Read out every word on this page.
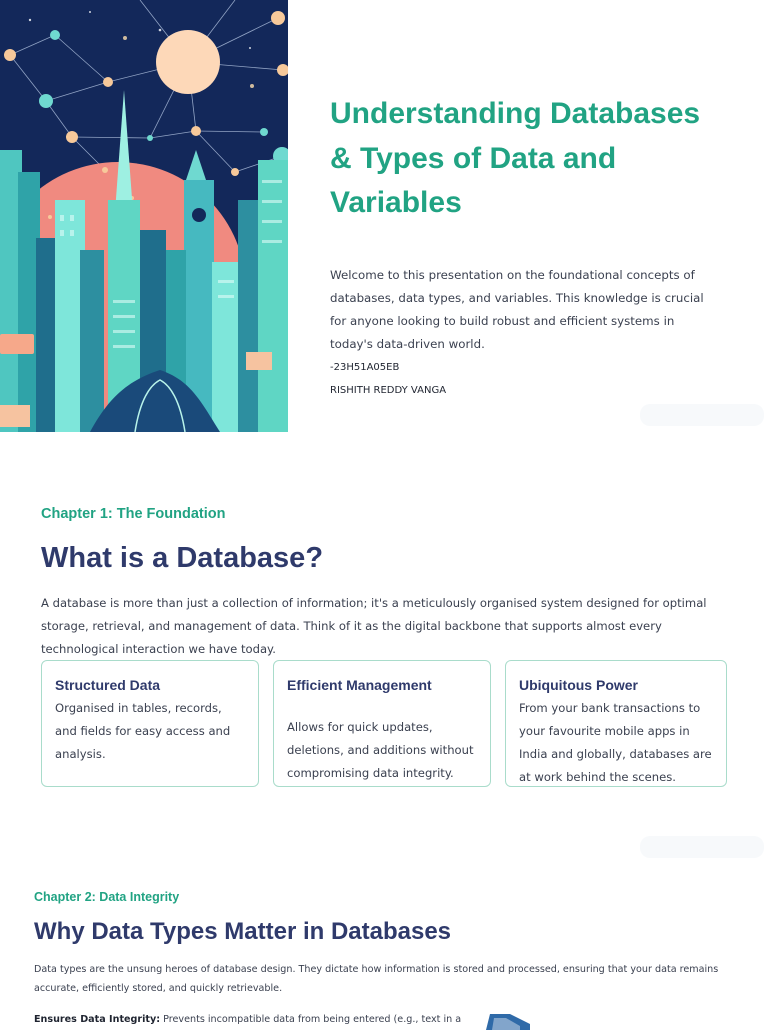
Understanding Databases & Types of Data and Variables

Welcome to this presentation on the foundational concepts of databases, data types, and variables. This knowledge is crucial for anyone looking to build robust and efficient systems in today's data-driven world.

-23H51A05EB

RISHITH REDDY VANGA

Chapter 1: The Foundation
What is a Database?
A database is more than just a collection of information; it's a meticulously organised system designed for optimal storage, retrieval, and management of data. Think of it as the digital backbone that supports almost every technological interaction we have today.
Structured Data
Organised in tables, records, and fields for easy access and analysis.
Efficient Management
Allows for quick updates, deletions, and additions without compromising data integrity.
Ubiquitous Power
From your bank transactions to your favourite mobile apps in India and globally, databases are at work behind the scenes.
Chapter 2: Data Integrity
Why Data Types Matter in Databases
Data types are the unsung heroes of database design. They dictate how information is stored and processed, ensuring that your data remains accurate, efficiently stored, and quickly retrievable.
Ensures Data Integrity: Prevents incompatible data from being entered (e.g., text in a
